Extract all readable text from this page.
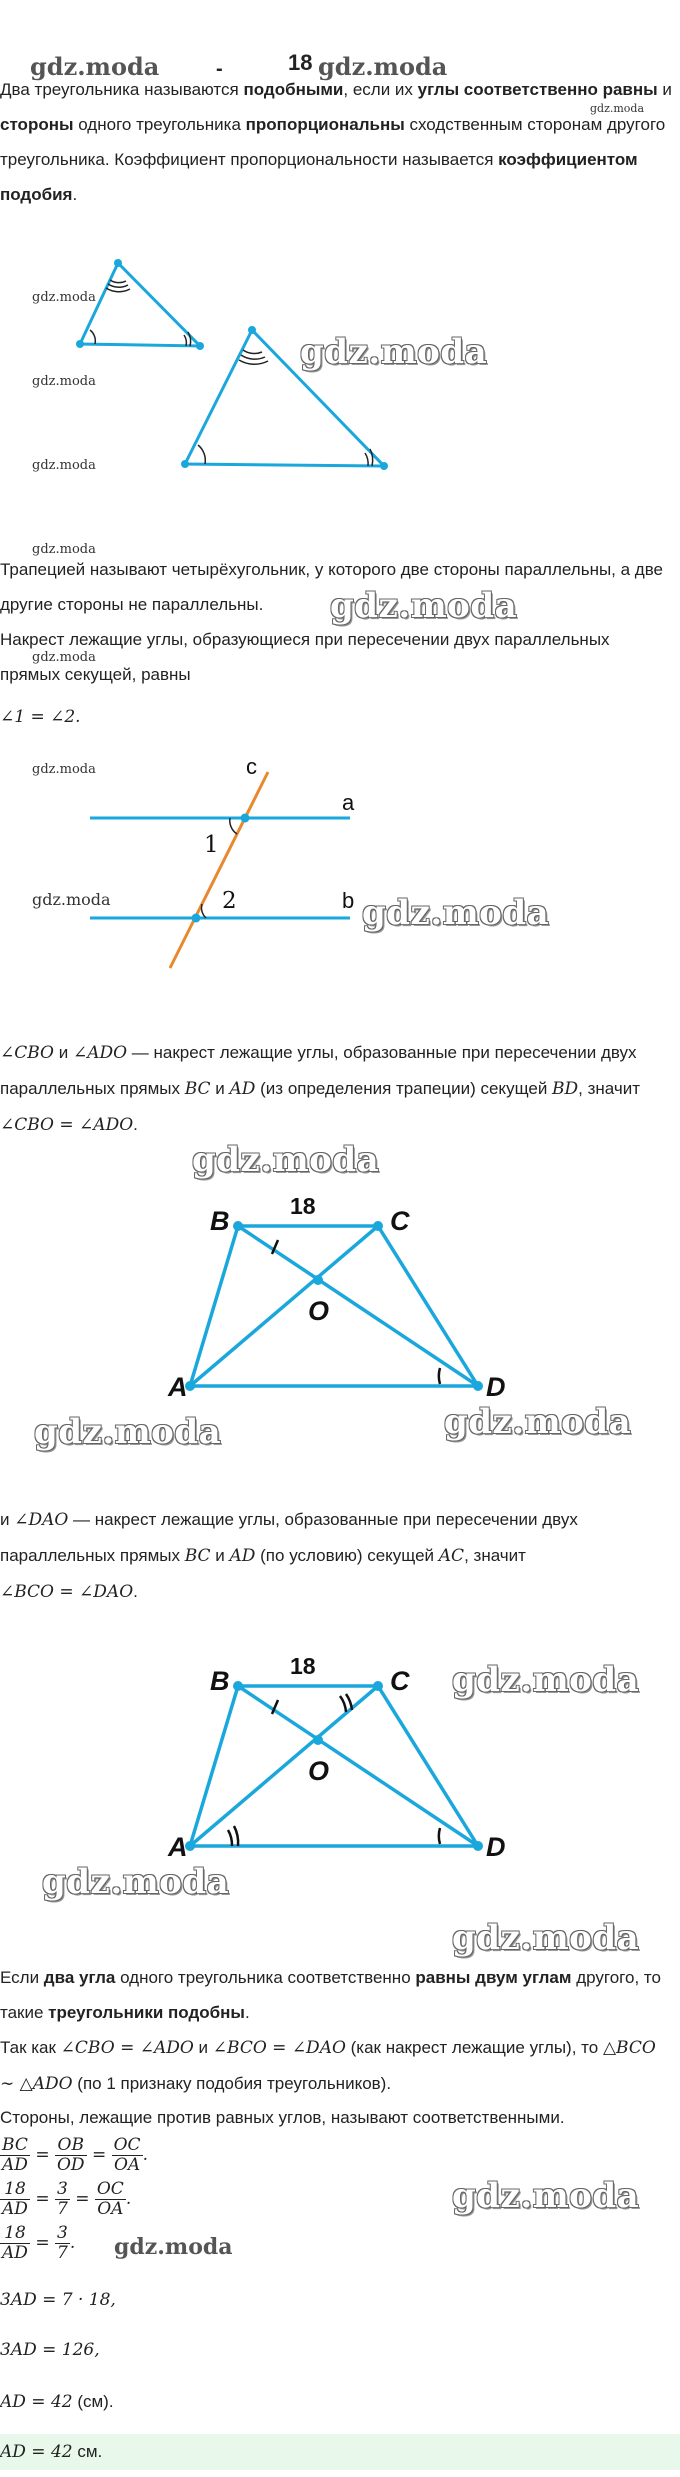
gdz.moda	-	18 gdz.moda

Два треугольника называются подобными, если их углы соответственно равны и стороны одного треугольника пропорциональны сходственным сторонам другого треугольника. Коэффициент пропорциональности называется коэффициентом подобия.

gdz.moda
gdz.moda
gdz.moda
gdz.moda
gdz.moda
gdz.moda

Трапецией называют четырёхугольник, у которого две стороны параллельны, а две другие стороны не параллельны.	gdz.moda

Накрест лежащие углы, образующиеся при пересечении двух параллельных прямых секущей, равны

gdz.moda

∠1 = ∠2.

c
a
b
1
2
gdz.moda
gdz.moda	gdz.moda

∠CBO и ∠ADO — накрест лежащие углы, образованные при пересечении двух параллельных прямых BC и AD (из определения трапеции) секущей BD, значит ∠CBO = ∠ADO.

gdz.moda
18
B	C
O
A	D
gdz.moda	gdz.moda

и ∠DAO — накрест лежащие углы, образованные при пересечении двух параллельных прямых BC и AD (по условию) секущей AC, значит
∠BCO = ∠DAO.

18
B	C
O
A	D
gdz.moda
gdz.moda
gdz.moda

Если два угла одного треугольника соответственно равны двум углам другого, то такие треугольники подобны.

Так как ∠CBO = ∠ADO и ∠BCO = ∠DAO (как накрест лежащие углы), то △BCO ∼ △ADO (по 1 признаку подобия треугольников).

Стороны, лежащие против равных углов, называют соответственными.

$\frac{BC}{AD} = \frac{OB}{OD} = \frac{OC}{OA}$ .
$\frac{18}{AD} = \frac{3}{7} = \frac{OC}{OA}$ .
$\frac{18}{AD} = \frac{3}{7}$ .
gdz.moda
gdz.moda
3AD = 7 · 18,
3AD = 126,
AD = 42 (см).
AD = 42 см.
